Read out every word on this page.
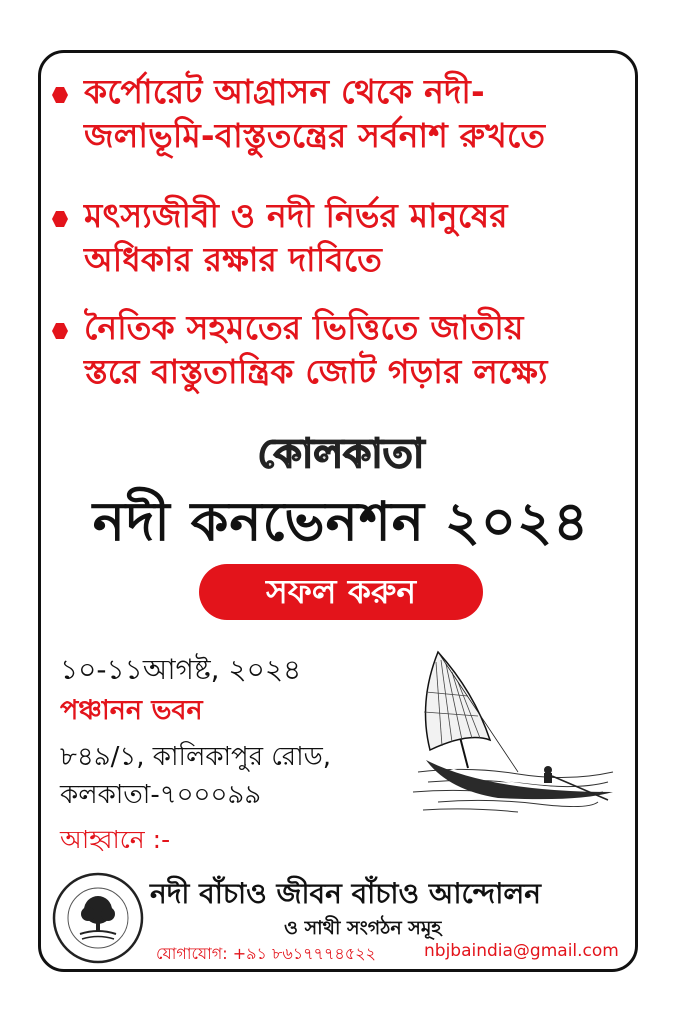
কর্পোরেট আগ্রাসন থেকে নদী-
জলাভূমি-বাস্তুতন্ত্রের সর্বনাশ রুখতে
মৎস্যজীবী ও নদী নির্ভর মানুষের
অধিকার রক্ষার দাবিতে
নৈতিক সহমতের ভিত্তিতে জাতীয়
স্তরে বাস্তুতান্ত্রিক জোট গড়ার লক্ষ্যে
কোলকাতা
নদী কনভেনশন ২০২৪
সফল করুন
১০-১১আগষ্ট, ২০২৪
পঞ্চানন ভবন
৮৪৯/১, কালিকাপুর রোড,
কলকাতা-৭০০০৯৯
আহ্বানে :-
নদী বাঁচাও জীবন বাঁচাও আন্দোলন
ও সাথী সংগঠন সমূহ
যোগাযোগ: +৯১ ৮৬১৭৭৭৪৫২২	nbjbaindia@gmail.com
